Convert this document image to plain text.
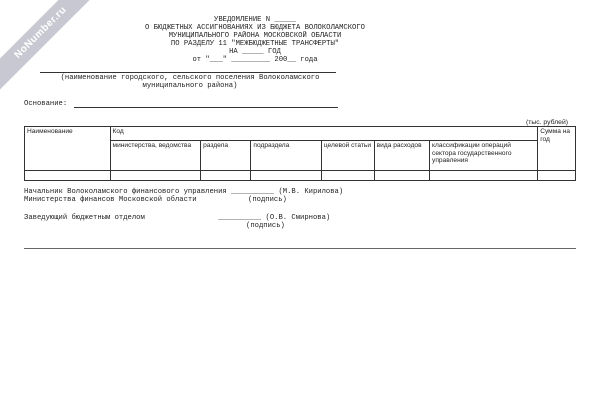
NoNumber.ru	УВЕДОМЛЕНИЕ N _____
О БЮДЖЕТНЫХ АССИГНОВАНИЯХ ИЗ БЮДЖЕТА ВОЛОКОЛАМСКОГО
МУНИЦИПАЛЬНОГО РАЙОНА МОСКОВСКОЙ ОБЛАСТИ
ПО РАЗДЕЛУ 11 "МЕЖБЮДЖЕТНЫЕ ТРАНСФЕРТЫ"
НА _____ ГОД
от "___" _________ 200__ года
(наименование городского, сельского поселения Волоколамского
муниципального района)
Основание:
(тыс. рублей)
Наименование	Код						Сумма на год
	министерства, ведомства	раздела	подраздела	целевой статьи	вида расходов	классификации операций сектора государственного управления	

Начальник Волоколамского финансового управления __________ (М.В. Кирилова)
Министерства финансов Московской области	(подпись)
Заведующий бюджетным отделом                 __________ (О.В. Смирнова)
(подпись)
